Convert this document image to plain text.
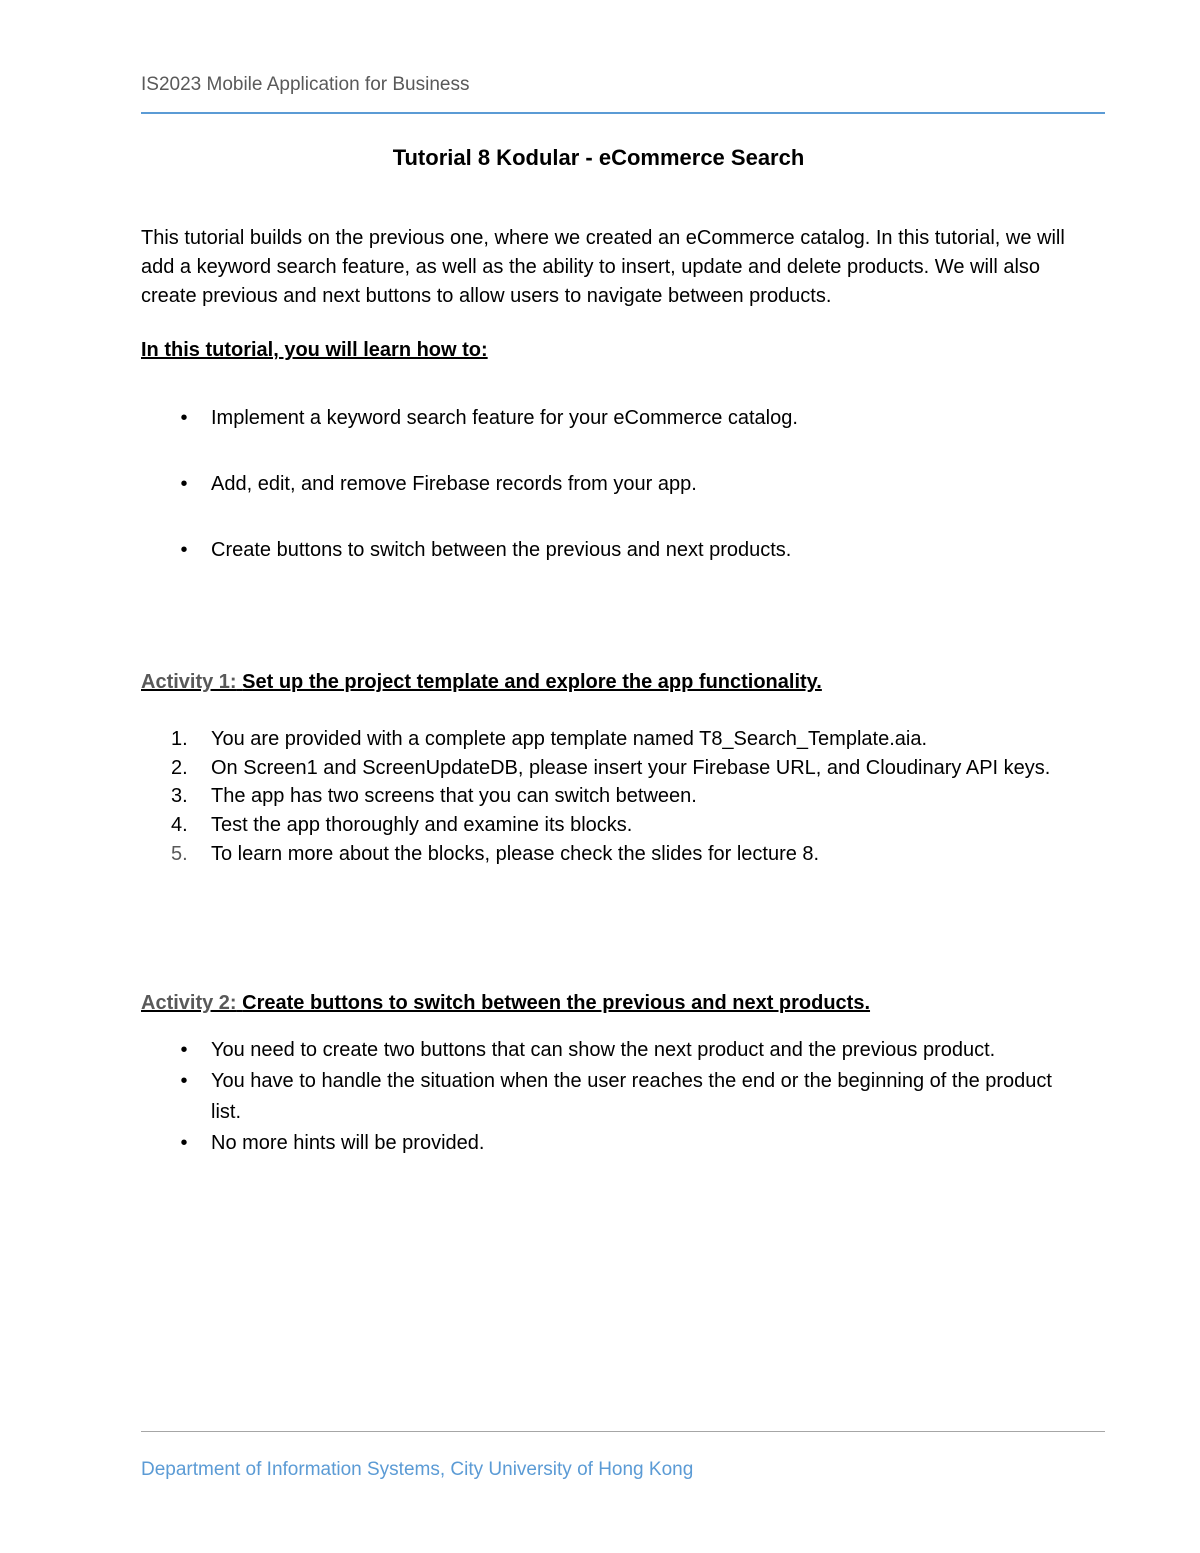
IS2023 Mobile Application for Business
Tutorial 8 Kodular - eCommerce Search

This tutorial builds on the previous one, where we created an eCommerce catalog. In this tutorial, we will add a keyword search feature, as well as the ability to insert, update and delete products. We will also create previous and next buttons to allow users to navigate between products.

In this tutorial, you will learn how to:

•	Implement a keyword search feature for your eCommerce catalog.
•	Add, edit, and remove Firebase records from your app.
•	Create buttons to switch between the previous and next products.

Activity 1: Set up the project template and explore the app functionality.

1.	You are provided with a complete app template named T8_Search_Template.aia.
2.	On Screen1 and ScreenUpdateDB, please insert your Firebase URL, and Cloudinary API keys.
3.	The app has two screens that you can switch between.
4.	Test the app thoroughly and examine its blocks.
5.	To learn more about the blocks, please check the slides for lecture 8.

Activity 2: Create buttons to switch between the previous and next products.

•	You need to create two buttons that can show the next product and the previous product.
•	You have to handle the situation when the user reaches the end or the beginning of the product list.
•	No more hints will be provided.
Department of Information Systems, City University of Hong Kong
